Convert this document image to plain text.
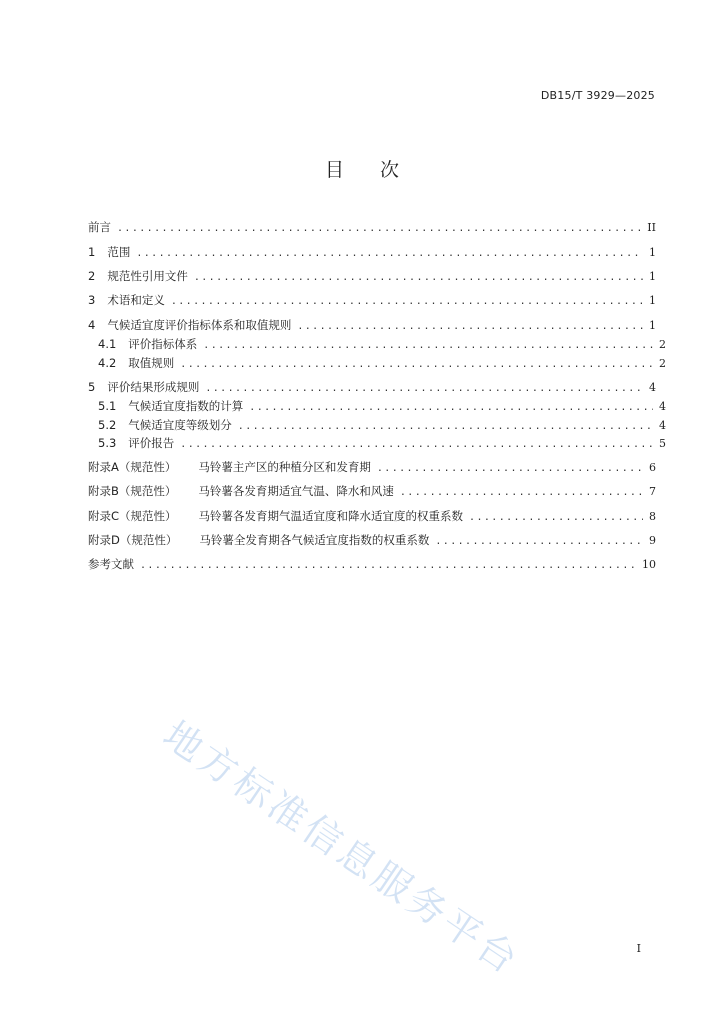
DB15/T 3929—2025
目次
前言 .....	II
1 范围 .....	1
2 规范性引用文件 .....	1
3 术语和定义 .....	1
4 气候适宜度评价指标体系和取值规则 .....	1
4.1 评价指标体系 .....	2
4.2 取值规则 .....	2
5 评价结果形成规则 .....	4
5.1 气候适宜度指数的计算 .....	4
5.2 气候适宜度等级划分 .....	4
5.3 评价报告 .....	5
附录A（规范性） 马铃薯主产区的种植分区和发育期 .....	6
附录B（规范性） 马铃薯各发育期适宜气温、降水和风速 .....	7
附录C（规范性） 马铃薯各发育期气温适宜度和降水适宜度的权重系数 .....	8
附录D（规范性） 马铃薯全发育期各气候适宜度指数的权重系数 .....	9
参考文献 .....	10
地方标准信息服务平台	I
